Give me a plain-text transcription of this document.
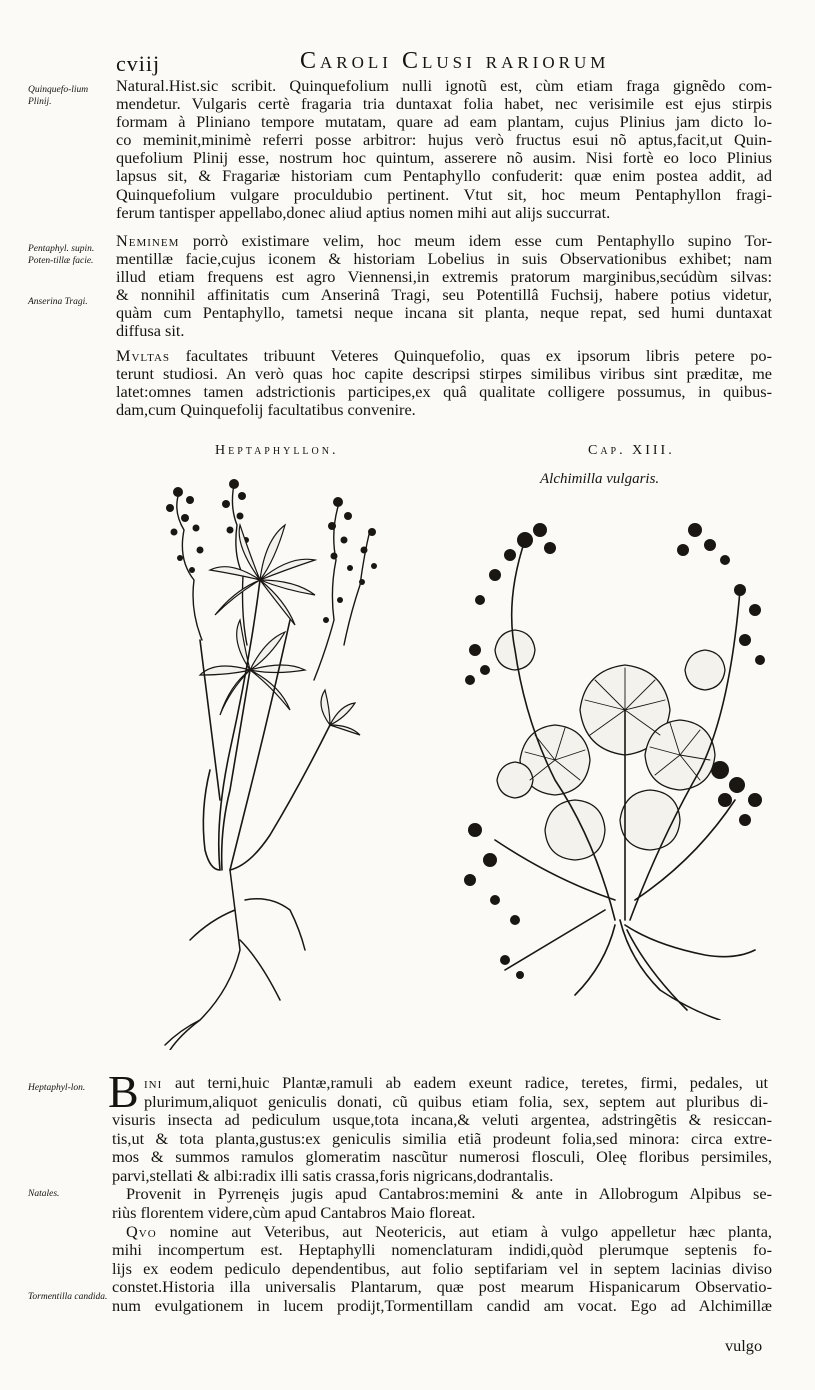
cviij	Caroli Clusi rariorum
Quinquefo-lium Plinij.
Pentaphyl. supin. Poten-tillæ facie.
Anserina Tragi.
Natural.Hist.sic scribit. Quinquefolium nulli ignotũ est, cùm etiam fraga gignẽdo com-
mendetur. Vulgaris certè fragaria tria duntaxat folia habet, nec verisimile est ejus stirpis
formam à Pliniano tempore mutatam, quare ad eam plantam, cujus Plinius jam dicto lo-
co meminit,minimè referri posse arbitror: hujus verò fructus esui nõ aptus,facit,ut Quin-
quefolium Plinij esse, nostrum hoc quintum, asserere nõ ausim. Nisi fortè eo loco Plinius
lapsus sit, & Fragariæ historiam cum Pentaphyllo confuderit: quæ enim postea addit, ad
Quinquefolium vulgare proculdubio pertinent. Vtut sit, hoc meum Pentaphyllon fragi-
ferum tantisper appellabo,donec aliud aptius nomen mihi aut alijs succurrat.
Neminem porrò existimare velim, hoc meum idem esse cum Pentaphyllo supino Tor-
mentillæ facie,cujus iconem & historiam Lobelius in suis Observationibus exhibet; nam
illud etiam frequens est agro Viennensi,in extremis pratorum marginibus,secúdùm silvas:
& nonnihil affinitatis cum Anserinâ Tragi, seu Potentillâ Fuchsij, habere potius videtur,
quàm cum Pentaphyllo, tametsi neque incana sit planta, neque repat, sed humi duntaxat
diffusa sit.
Mvltas facultates tribuunt Veteres Quinquefolio, quas ex ipsorum libris petere po-
terunt studiosi. An verò quas hoc capite descripsi stirpes similibus viribus sint præditæ, me
latet:omnes tamen adstrictionis participes,ex quâ qualitate colligere possumus, in quibus-
dam,cum Quinquefolij facultatibus convenire.
Heptaphyllon.	Cap. XIII.
Alchimilla vulgaris.
Heptaphyl-lon.
Natales.
Tormentilla candida.
B ini aut terni,huic Plantæ,ramuli ab eadem exeunt radice, teretes, firmi, pedales, ut
plurimum,aliquot geniculis donati, cũ quibus etiam folia, sex, septem aut pluribus di-
visuris insecta ad pediculum usque,tota incana,& veluti argentea, adstringẽtis & resiccan-
tis,ut & tota planta,gustus:ex geniculis similia etiã prodeunt folia,sed minora: circa extre-
mos & summos ramulos glomeratim nascũtur numerosi flosculi, Oleę floribus persimiles,
parvi,stellati & albi:radix illi satis crassa,foris nigricans,dodrantalis.
Provenit in Pyrrenęis jugis apud Cantabros:memini & ante in Allobrogum Alpibus se-
riùs florentem videre,cùm apud Cantabros Maio floreat.
Qvo nomine aut Veteribus, aut Neotericis, aut etiam à vulgo appelletur hæc planta,
mihi incompertum est. Heptaphylli nomenclaturam indidi,quòd plerumque septenis fo-
lijs ex eodem pediculo dependentibus, aut folio septifariam vel in septem lacinias diviso
constet.Historia illa universalis Plantarum, quæ post mearum Hispanicarum Observatio-
num evulgationem in lucem prodijt,Tormentillam candid am vocat. Ego ad Alchimillæ
vulgo
